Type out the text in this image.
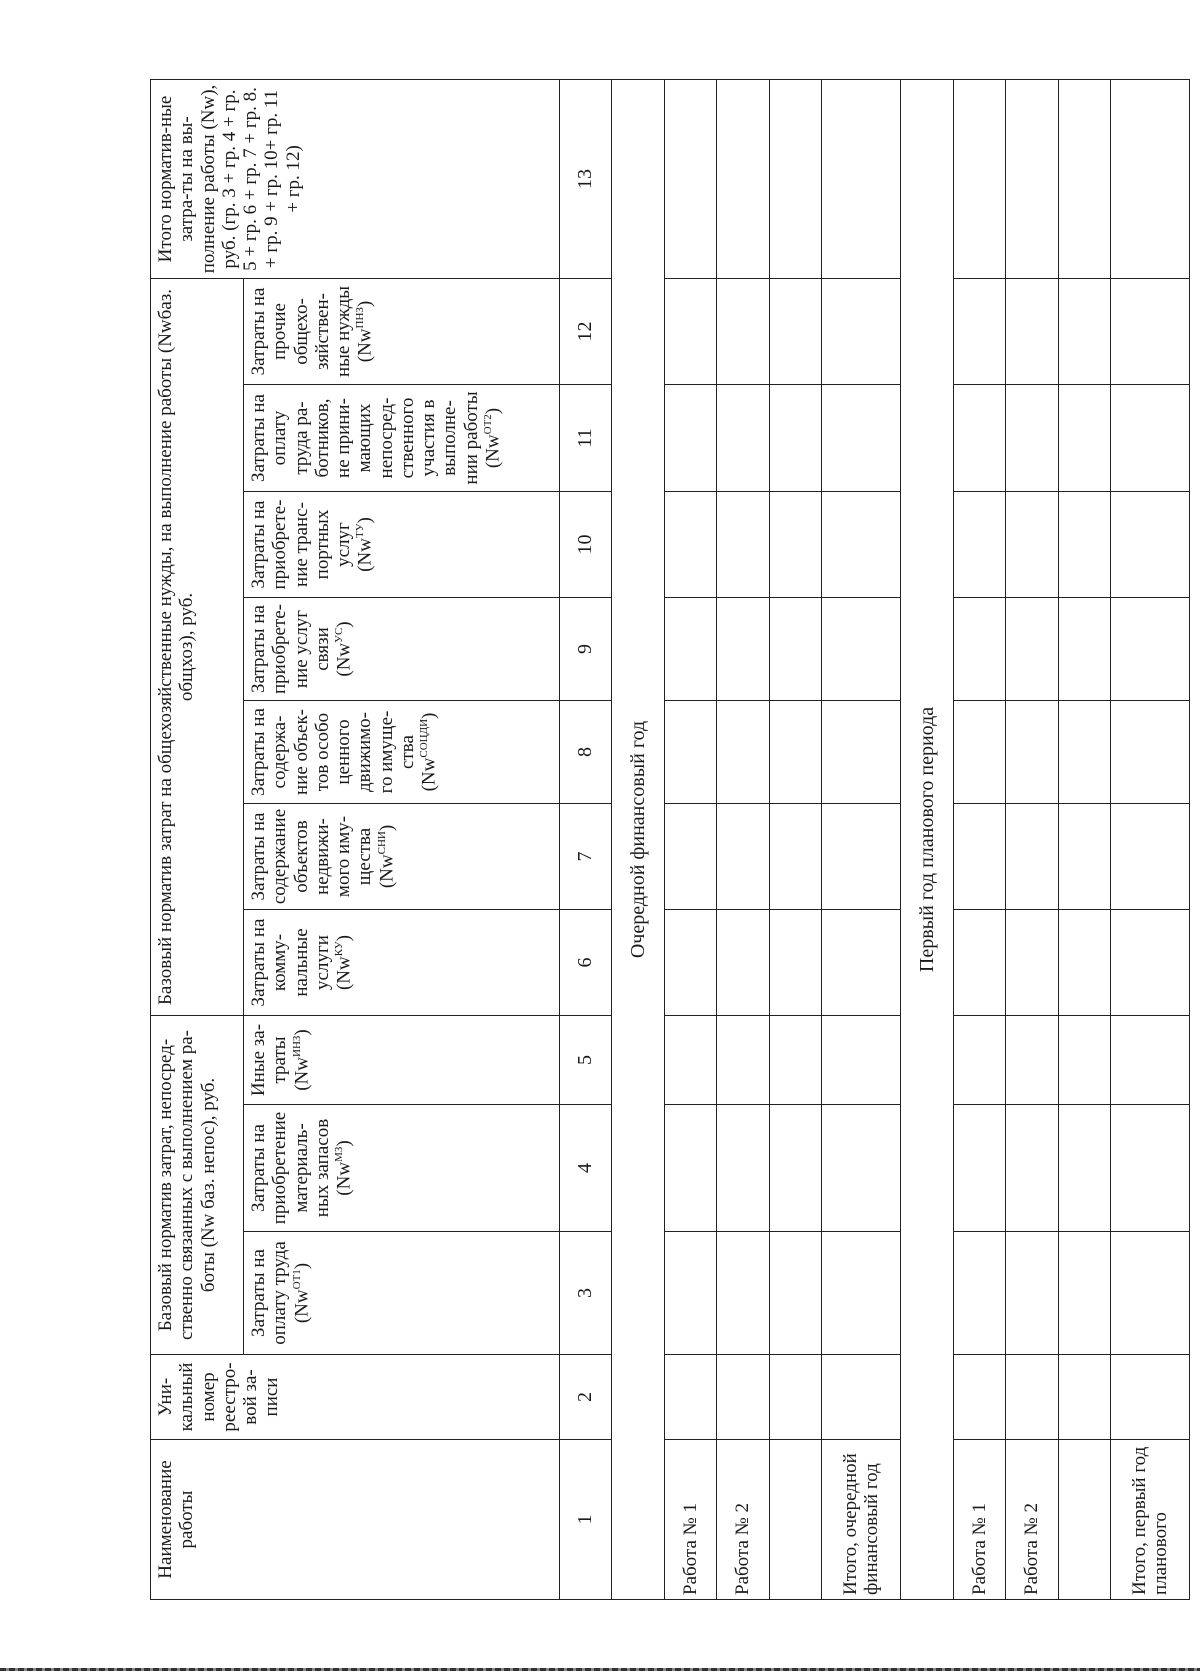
Наименование работы	Уни-кальный номер реестро-вой за-писи	Базовый норматив затрат, непосред-ственно связанных с выполнением ра-боты (Nw баз. непос), руб.			Базовый норматив затрат на общехозяйственные нужды, на выполнение работы (Nwбаз. общхоз), руб.							Итого норматив-ные затра-ты на вы-полнение работы (Nw), руб. (гр. 3 + гр. 4 + гр. 5 + гр. 6 + гр. 7 + гр. 8. + гр. 9 + гр. 10+ гр. 11 + гр. 12)
		Затраты на оплату труда $(Nw^{ОТ1})$	Затраты на приобретение материаль-ных запасов $(Nw^{МЗ})$	Иные за-траты $(Nw^{ИНЗ})$	Затраты на комму-нальные услуги $(Nw^{КУ})$	Затраты на содержание объектов недвижи-мого иму-щества $(Nw^{СНИ})$	Затраты на содержа-ние объек-тов особо ценного движимо-го имуще-ства $(Nw^{СОЦДИ})$	Затраты на приобрете-ние услуг связи $(Nw^{УС})$	Затраты на приобрете-ние транс-портных услуг $(Nw^{ТУ})$	Затраты на оплату труда ра-ботников, не прини-мающих непосред-ственного участия в выполне-нии работы $(Nw^{ОТ2})$	Затраты на прочие общехо-зяйствен-ные нужды $(Nw^{ПНЗ})$	
1	2	3	4	5	6	7	8	9	10	11	12	13
Очередной финансовый год												
Работа № 1												
Работа № 2												

Итого, очередной финансовый год												
Первый год планового периода												
Работа № 1												
Работа № 2												

Итого, первый год планового												
